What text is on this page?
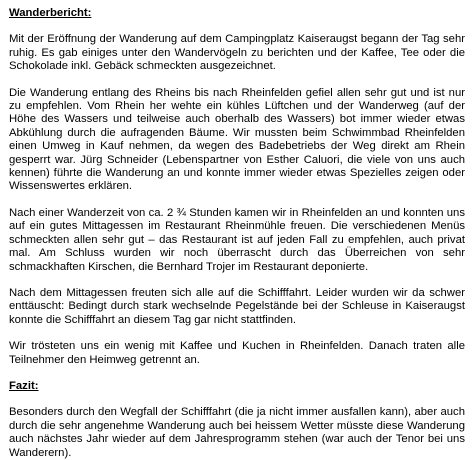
Wanderbericht:

Mit der Eröffnung der Wanderung auf dem Campingplatz Kaiseraugst begann der Tag sehr ruhig. Es gab einiges unter den Wandervögeln zu berichten und der Kaffee, Tee oder die Schokolade inkl. Gebäck schmeckten ausgezeichnet.

Die Wanderung entlang des Rheins bis nach Rheinfelden gefiel allen sehr gut und ist nur zu empfehlen. Vom Rhein her wehte ein kühles Lüftchen und der Wanderweg (auf der Höhe des Wassers und teilweise auch oberhalb des Wassers) bot immer wieder etwas Abkühlung durch die aufragenden Bäume. Wir mussten beim Schwimmbad Rheinfelden einen Umweg in Kauf nehmen, da wegen des Badebetriebs der Weg direkt am Rhein gesperrt war. Jürg Schneider (Lebenspartner von Esther Caluori, die viele von uns auch kennen) führte die Wanderung an und konnte immer wieder etwas Spezielles zeigen oder Wissenswertes erklären.

Nach einer Wanderzeit von ca. 2 ¾ Stunden kamen wir in Rheinfelden an und konnten uns auf ein gutes Mittagessen im Restaurant Rheinmühle freuen. Die verschiedenen Menüs schmeckten allen sehr gut – das Restaurant ist auf jeden Fall zu empfehlen, auch privat mal. Am Schluss wurden wir noch überrascht durch das Überreichen von sehr schmackhaften Kirschen, die Bernhard Trojer im Restaurant deponierte.

Nach dem Mittagessen freuten sich alle auf die Schifffahrt. Leider wurden wir da schwer enttäuscht: Bedingt durch stark wechselnde Pegelstände bei der Schleuse in Kaiseraugst konnte die Schifffahrt an diesem Tag gar nicht stattfinden.

Wir trösteten uns ein wenig mit Kaffee und Kuchen in Rheinfelden. Danach traten alle Teilnehmer den Heimweg getrennt an.

Fazit:

Besonders durch den Wegfall der Schifffahrt (die ja nicht immer ausfallen kann), aber auch durch die sehr angenehme Wanderung auch bei heissem Wetter müsste diese Wanderung auch nächstes Jahr wieder auf dem Jahresprogramm stehen (war auch der Tenor bei uns Wanderern).
